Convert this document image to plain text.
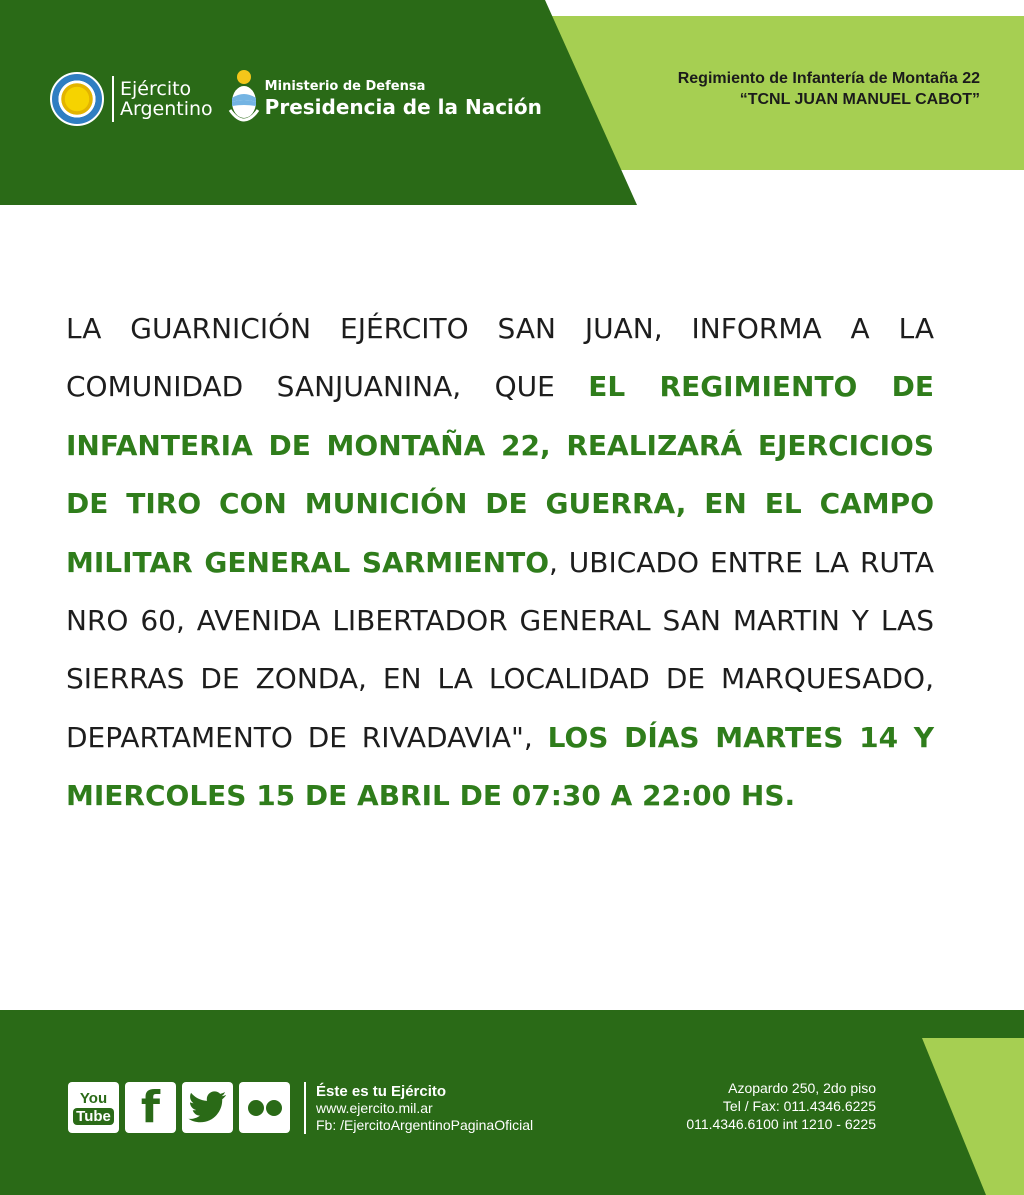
Ejército
Argentino
Ministerio de Defensa
Presidencia de la Nación
Regimiento de Infantería de Montaña 22
“TCNL JUAN MANUEL CABOT”
LA GUARNICIÓN EJÉRCITO SAN JUAN, INFORMA A LA COMUNIDAD SANJUANINA, QUE EL REGIMIENTO DE INFANTERIA DE MONTAÑA 22, REALIZARÁ EJERCICIOS DE TIRO CON MUNICIÓN DE GUERRA, EN EL CAMPO MILITAR GENERAL SARMIENTO, UBICADO ENTRE LA RUTA NRO 60, AVENIDA LIBERTADOR GENERAL SAN MARTIN Y LAS SIERRAS DE ZONDA, EN LA LOCALIDAD DE MARQUESADO, DEPARTAMENTO DE RIVADAVIA", LOS DÍAS MARTES 14 Y MIERCOLES 15 DE ABRIL DE 07:30 A 22:00 HS.
You
Tube f	Éste es tu Ejército
www.ejercito.mil.ar
Fb: /EjercitoArgentinoPaginaOficial
Azopardo 250, 2do piso
Tel / Fax: 011.4346.6225
011.4346.6100 int 1210 - 6225
